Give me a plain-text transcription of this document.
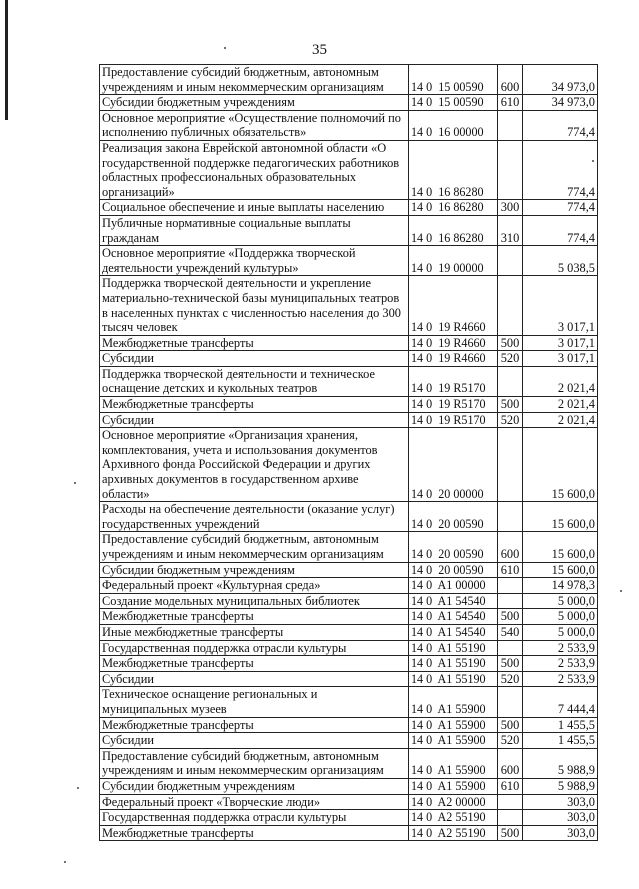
35
Предоставление субсидий бюджетным, автономным учреждениям и иным некоммерческим организациям	14 0  15 00590	600	34 973,0
Субсидии бюджетным учреждениям	14 0  15 00590	610	34 973,0
Основное мероприятие «Осуществление полномочий по исполнению публичных обязательств»	14 0  16 00000		774,4
Реализация закона Еврейской автономной области «О государственной поддержке педагогических работников областных профессиональных образовательных организаций»	14 0  16 86280		774,4
Социальное обеспечение и иные выплаты населению	14 0  16 86280	300	774,4
Публичные нормативные социальные выплаты гражданам	14 0  16 86280	310	774,4
Основное мероприятие «Поддержка творческой деятельности учреждений культуры»	14 0  19 00000		5 038,5
Поддержка творческой деятельности и укрепление материально-технической базы муниципальных театров в населенных пунктах с численностью населения до 300 тысяч человек	14 0  19 R4660		3 017,1
Межбюджетные трансферты	14 0  19 R4660	500	3 017,1
Субсидии	14 0  19 R4660	520	3 017,1
Поддержка творческой деятельности и техническое оснащение детских и кукольных театров	14 0  19 R5170		2 021,4
Межбюджетные трансферты	14 0  19 R5170	500	2 021,4
Субсидии	14 0  19 R5170	520	2 021,4
Основное мероприятие «Организация хранения, комплектования, учета и использования документов Архивного фонда Российской Федерации и других архивных документов в государственном архиве области»	14 0  20 00000		15 600,0
Расходы на обеспечение деятельности (оказание услуг) государственных учреждений	14 0  20 00590		15 600,0
Предоставление субсидий бюджетным, автономным учреждениям и иным некоммерческим организациям	14 0  20 00590	600	15 600,0
Субсидии бюджетным учреждениям	14 0  20 00590	610	15 600,0
Федеральный проект «Культурная среда»	14 0  A1 00000		14 978,3
Создание модельных муниципальных библиотек	14 0  A1 54540		5 000,0
Межбюджетные трансферты	14 0  A1 54540	500	5 000,0
Иные межбюджетные трансферты	14 0  A1 54540	540	5 000,0
Государственная поддержка отрасли культуры	14 0  A1 55190		2 533,9
Межбюджетные трансферты	14 0  A1 55190	500	2 533,9
Субсидии	14 0  A1 55190	520	2 533,9
Техническое оснащение региональных и муниципальных музеев	14 0  A1 55900		7 444,4
Межбюджетные трансферты	14 0  A1 55900	500	1 455,5
Субсидии	14 0  A1 55900	520	1 455,5
Предоставление субсидий бюджетным, автономным учреждениям и иным некоммерческим организациям	14 0  A1 55900	600	5 988,9
Субсидии бюджетным учреждениям	14 0  A1 55900	610	5 988,9
Федеральный проект «Творческие люди»	14 0  A2 00000		303,0
Государственная поддержка отрасли культуры	14 0  A2 55190		303,0
Межбюджетные трансферты	14 0  A2 55190	500	303,0
